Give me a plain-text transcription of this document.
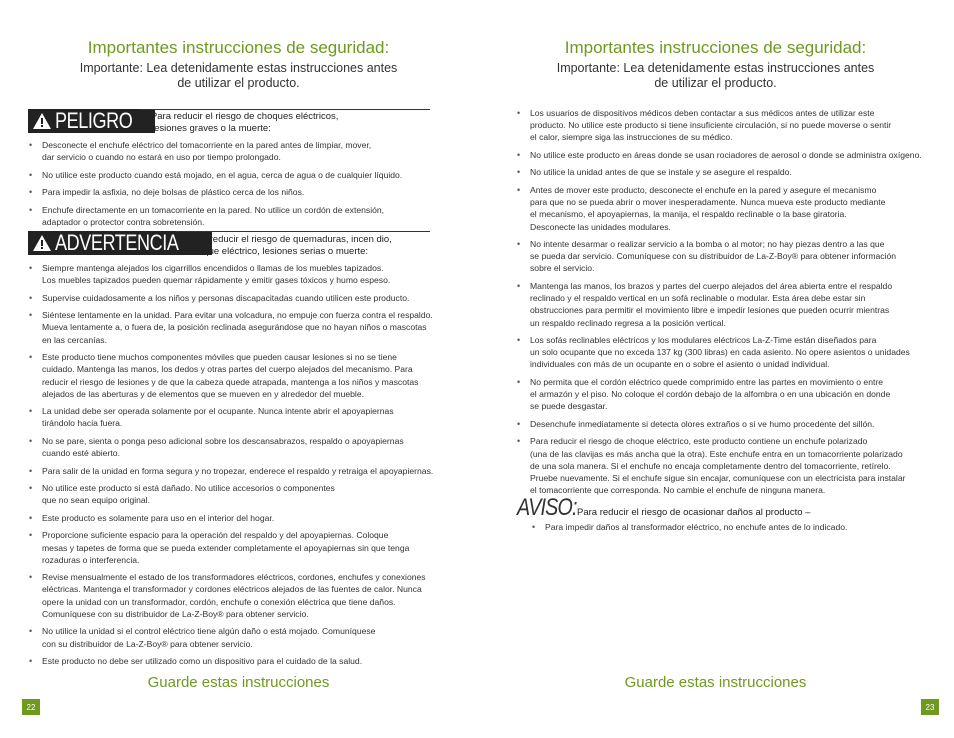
Importantes instrucciones de seguridad:
Importante: Lea detenidamente estas instrucciones antes
de utilizar el producto.
PELIGRO – Para reducir el riesgo de choques eléctricos,
lesiones graves o la muerte:
• Desconecte el enchufe eléctrico del tomacorriente en la pared antes de limpiar, mover,
dar servicio o cuando no estará en uso por tiempo prolongado.
• No utilice este producto cuando está mojado, en el agua, cerca de agua o de cualquier líquido.
• Para impedir la asfixia, no deje bolsas de plástico cerca de los niños.
• Enchufe directamente en un tomacorriente en la pared. No utilice un cordón de extensión,
adaptador o protector contra sobretensión.
ADVERTENCIA – Para reducir el riesgo de quemaduras, incen dio,
choque eléctrico, lesiones serias o muerte:
• Siempre mantenga alejados los cigarrillos encendidos o llamas de los muebles tapizados.
Los muebles tapizados pueden quemar rápidamente y emitir gases tóxicos y humo espeso.
• Supervise cuidadosamente a los niños y personas discapacitadas cuando utilicen este producto.
• Siéntese lentamente en la unidad. Para evitar una volcadura, no empuje con fuerza contra el respaldo.
Mueva lentamente a, o fuera de, la posición reclinada asegurándose que no hayan niños o mascotas
en las cercanías.
• Este producto tiene muchos componentes móviles que pueden causar lesiones si no se tiene
cuidado. Mantenga las manos, los dedos y otras partes del cuerpo alejados del mecanismo. Para
reducir el riesgo de lesiones y de que la cabeza quede atrapada, mantenga a los niños y mascotas
alejados de las aberturas y de elementos que se mueven en y alrededor del mueble.
• La unidad debe ser operada solamente por el ocupante. Nunca intente abrir el apoyapiernas
tirándolo hacia fuera.
• No se pare, sienta o ponga peso adicional sobre los descansabrazos, respaldo o apoyapiernas
cuando esté abierto.
• Para salir de la unidad en forma segura y no tropezar, enderece el respaldo y retraiga el apoyapiernas.
• No utilice este producto si está dañado. No utilice accesorios o componentes
que no sean equipo original.
• Este producto es solamente para uso en el interior del hogar.
• Proporcione suficiente espacio para la operación del respaldo y del apoyapiernas. Coloque
mesas y tapetes de forma que se pueda extender completamente el apoyapiernas sin que tenga
rozaduras o interferencia.
• Revise mensualmente el estado de los transformadores eléctricos, cordones, enchufes y conexiones
eléctricas. Mantenga el transformador y cordones eléctricos alejados de las fuentes de calor. Nunca
opere la unidad con un transformador, cordón, enchufe o conexión eléctrica que tiene daños.
Comuníquese con su distribuidor de La-Z-Boy® para obtener servicio.
• No utilice la unidad si el control eléctrico tiene algún daño o está mojado. Comuníquese
con su distribuidor de La-Z-Boy® para obtener servicio.
• Este producto no debe ser utilizado como un dispositivo para el cuidado de la salud.
Guarde estas instrucciones
22
Importantes instrucciones de seguridad:
Importante: Lea detenidamente estas instrucciones antes
de utilizar el producto.
• Los usuarios de dispositivos médicos deben contactar a sus médicos antes de utilizar este
producto. No utilice este producto si tiene insuficiente circulación, si no puede moverse o sentir
el calor, siempre siga las instrucciones de su médico.
• No utilice este producto en áreas donde se usan rociadores de aerosol o donde se administra oxígeno.
• No utilice la unidad antes de que se instale y se asegure el respaldo.
• Antes de mover este producto, desconecte el enchufe en la pared y asegure el mecanismo
para que no se pueda abrir o mover inesperadamente. Nunca mueva este producto mediante
el mecanismo, el apoyapiernas, la manija, el respaldo reclinable o la base giratoria.
Desconecte las unidades modulares.
• No intente desarmar o realizar servicio a la bomba o al motor; no hay piezas dentro a las que
se pueda dar servicio. Comuníquese con su distribuidor de La-Z-Boy® para obtener información
sobre el servicio.
• Mantenga las manos, los brazos y partes del cuerpo alejados del área abierta entre el respaldo
reclinado y el respaldo vertical en un sofá reclinable o modular. Esta área debe estar sin
obstrucciones para permitir el movimiento libre e impedir lesiones que pueden ocurrir mientras
un respaldo reclinado regresa a la posición vertical.
• Los sofás reclinables eléctricos y los modulares eléctricos La-Z-Time están diseñados para
un solo ocupante que no exceda 137 kg (300 libras) en cada asiento. No opere asientos o unidades
individuales con más de un ocupante en o sobre el asiento o unidad individual.
• No permita que el cordón eléctrico quede comprimido entre las partes en movimiento o entre
el armazón y el piso. No coloque el cordón debajo de la alfombra o en una ubicación en donde
se puede desgastar.
• Desenchufe inmediatamente si detecta olores extraños o si ve humo procedente del sillón.
• Para reducir el riesgo de choque eléctrico, este producto contiene un enchufe polarizado
(una de las clavijas es más ancha que la otra). Este enchufe entra en un tomacorriente polarizado
de una sola manera. Si el enchufe no encaja completamente dentro del tomacorriente, retírelo.
Pruebe nuevamente. Si el enchufe sigue sin encajar, comuníquese con un electricista para instalar
el tomacorriente que corresponda. No cambie el enchufe de ninguna manera.
Guarde estas instrucciones
23
AVISO: Para reducir el riesgo de ocasionar daños al producto –
• Para impedir daños al transformador eléctrico, no enchufe antes de lo indicado.
